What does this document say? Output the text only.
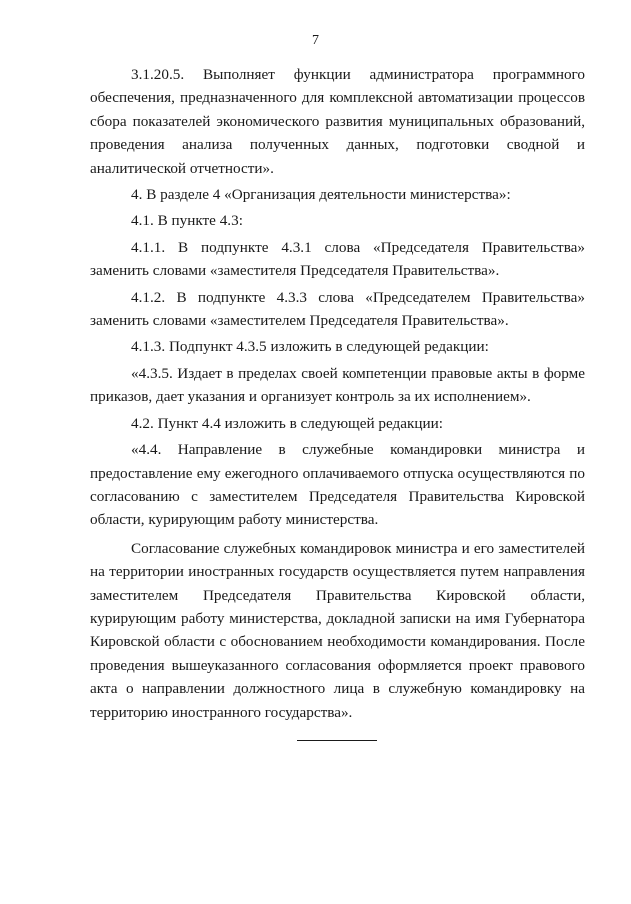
7

3.1.20.5. Выполняет функции администратора программного обеспечения, предназначенного для комплексной автоматизации процессов сбора показателей экономического развития муниципальных образований, проведения анализа полученных данных, подготовки сводной и аналитической отчетности».

4. В разделе 4 «Организация деятельности министерства»:

4.1. В пункте 4.3:

4.1.1. В подпункте 4.3.1 слова «Председателя Правительства» заменить словами «заместителя Председателя Правительства».

4.1.2. В подпункте 4.3.3 слова «Председателем Правительства» заменить словами «заместителем Председателя Правительства».

4.1.3. Подпункт 4.3.5 изложить в следующей редакции:

«4.3.5. Издает в пределах своей компетенции правовые акты в форме приказов, дает указания и организует контроль за их исполнением».

4.2. Пункт 4.4 изложить в следующей редакции:

«4.4. Направление в служебные командировки министра и предоставление ему ежегодного оплачиваемого отпуска осуществляются по согласованию с заместителем Председателя Правительства Кировской области, курирующим работу министерства.

Согласование служебных командировок министра и его заместителей на территории иностранных государств осуществляется путем направления заместителем Председателя Правительства Кировской области, курирующим работу министерства, докладной записки на имя Губернатора Кировской области с обоснованием необходимости командирования. После проведения вышеуказанного согласования оформляется проект правового акта о направлении должностного лица в служебную командировку на территорию иностранного государства».
